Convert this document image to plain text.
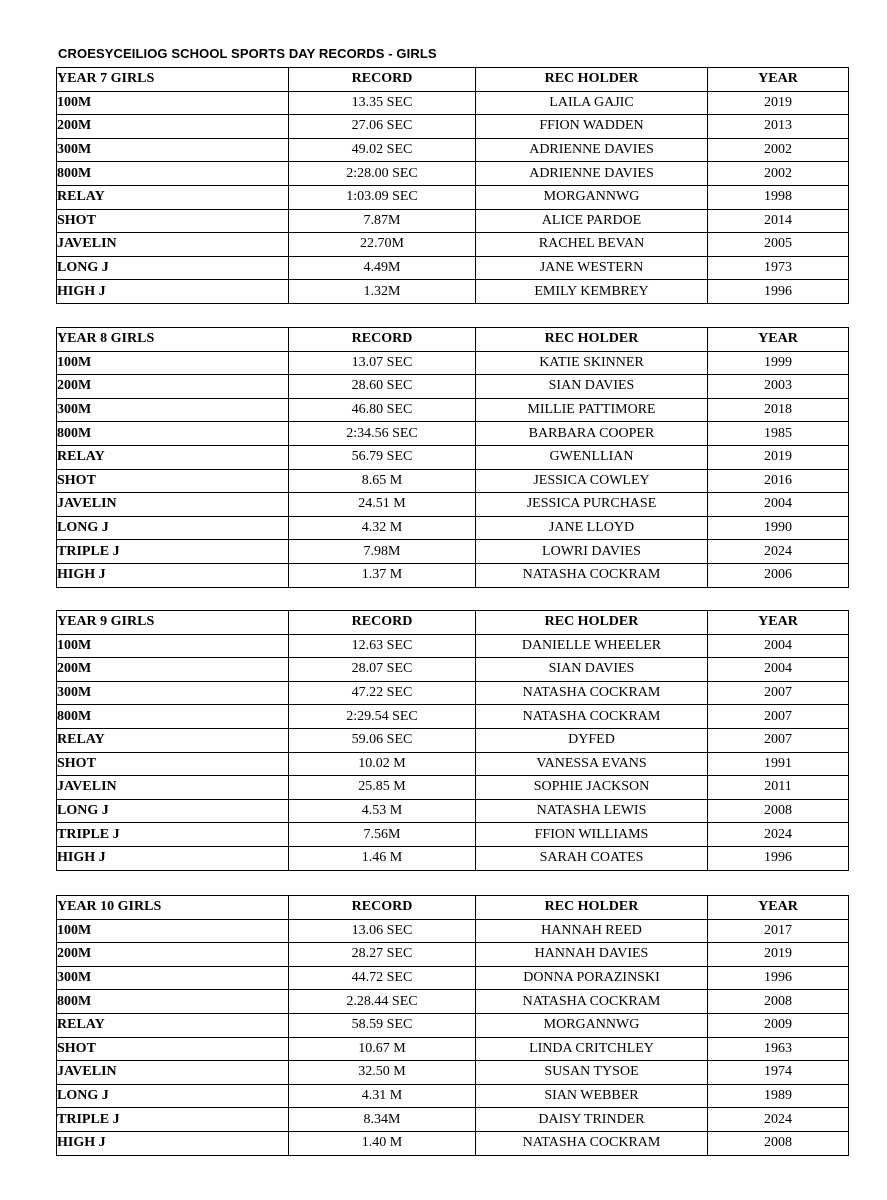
CROESYCEILIOG SCHOOL SPORTS DAY RECORDS - GIRLS
YEAR 7 GIRLS	RECORD	REC HOLDER	YEAR
100M	13.35 SEC	LAILA GAJIC	2019
200M	27.06 SEC	FFION WADDEN	2013
300M	49.02 SEC	ADRIENNE DAVIES	2002
800M	2:28.00 SEC	ADRIENNE DAVIES	2002
RELAY	1:03.09 SEC	MORGANNWG	1998
SHOT	7.87M	ALICE PARDOE	2014
JAVELIN	22.70M	RACHEL BEVAN	2005
LONG J	4.49M	JANE WESTERN	1973
HIGH J	1.32M	EMILY KEMBREY	1996
YEAR 8 GIRLS	RECORD	REC HOLDER	YEAR
100M	13.07 SEC	KATIE SKINNER	1999
200M	28.60 SEC	SIAN DAVIES	2003
300M	46.80 SEC	MILLIE PATTIMORE	2018
800M	2:34.56 SEC	BARBARA COOPER	1985
RELAY	56.79 SEC	GWENLLIAN	2019
SHOT	8.65 M	JESSICA COWLEY	2016
JAVELIN	24.51 M	JESSICA PURCHASE	2004
LONG J	4.32 M	JANE LLOYD	1990
TRIPLE J	7.98M	LOWRI DAVIES	2024
HIGH J	1.37 M	NATASHA COCKRAM	2006
YEAR 9 GIRLS	RECORD	REC HOLDER	YEAR
100M	12.63 SEC	DANIELLE WHEELER	2004
200M	28.07 SEC	SIAN DAVIES	2004
300M	47.22 SEC	NATASHA COCKRAM	2007
800M	2:29.54 SEC	NATASHA COCKRAM	2007
RELAY	59.06 SEC	DYFED	2007
SHOT	10.02 M	VANESSA EVANS	1991
JAVELIN	25.85 M	SOPHIE JACKSON	2011
LONG J	4.53 M	NATASHA LEWIS	2008
TRIPLE J	7.56M	FFION WILLIAMS	2024
HIGH J	1.46 M	SARAH COATES	1996
YEAR 10 GIRLS	RECORD	REC HOLDER	YEAR
100M	13.06 SEC	HANNAH REED	2017
200M	28.27 SEC	HANNAH DAVIES	2019
300M	44.72 SEC	DONNA PORAZINSKI	1996
800M	2.28.44 SEC	NATASHA COCKRAM	2008
RELAY	58.59 SEC	MORGANNWG	2009
SHOT	10.67 M	LINDA CRITCHLEY	1963
JAVELIN	32.50 M	SUSAN TYSOE	1974
LONG J	4.31 M	SIAN WEBBER	1989
TRIPLE J	8.34M	DAISY TRINDER	2024
HIGH J	1.40 M	NATASHA COCKRAM	2008
